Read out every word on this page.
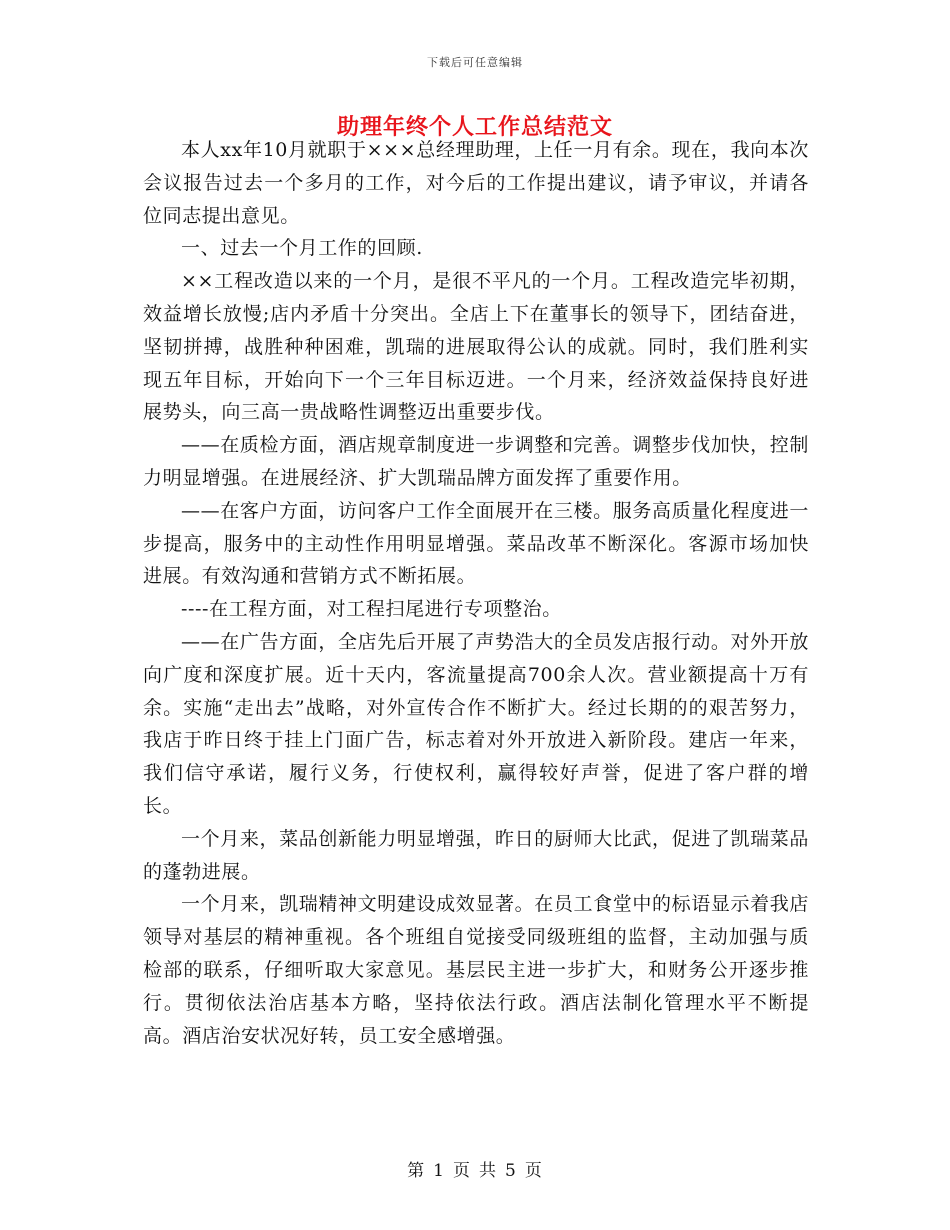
下载后可任意编辑
助理年终个人工作总结范文

本人xx年10月就职于×××总经理助理，上任一月有余。现在，我向本次会议报告过去一个多月的工作，对今后的工作提出建议，请予审议，并请各位同志提出意见。

一、过去一个月工作的回顾.

××工程改造以来的一个月，是很不平凡的一个月。工程改造完毕初期，效益增长放慢;店内矛盾十分突出。全店上下在董事长的领导下，团结奋进，坚韧拼搏，战胜种种困难，凯瑞的进展取得公认的成就。同时，我们胜利实现五年目标，开始向下一个三年目标迈进。一个月来，经济效益保持良好进展势头，向三高一贵战略性调整迈出重要步伐。

——在质检方面，酒店规章制度进一步调整和完善。调整步伐加快，控制力明显增强。在进展经济、扩大凯瑞品牌方面发挥了重要作用。

——在客户方面，访问客户工作全面展开在三楼。服务高质量化程度进一步提高，服务中的主动性作用明显增强。菜品改革不断深化。客源市场加快进展。有效沟通和营销方式不断拓展。

----在工程方面，对工程扫尾进行专项整治。

——在广告方面，全店先后开展了声势浩大的全员发店报行动。对外开放向广度和深度扩展。近十天内，客流量提高700余人次。营业额提高十万有余。实施“走出去”战略，对外宣传合作不断扩大。经过长期的的艰苦努力，我店于昨日终于挂上门面广告，标志着对外开放进入新阶段。建店一年来，我们信守承诺，履行义务，行使权利，赢得较好声誉，促进了客户群的增长。

一个月来，菜品创新能力明显增强，昨日的厨师大比武，促进了凯瑞菜品的蓬勃进展。

一个月来，凯瑞精神文明建设成效显著。在员工食堂中的标语显示着我店领导对基层的精神重视。各个班组自觉接受同级班组的监督，主动加强与质检部的联系，仔细听取大家意见。基层民主进一步扩大，和财务公开逐步推行。贯彻依法治店基本方略，坚持依法行政。酒店法制化管理水平不断提高。酒店治安状况好转，员工安全感增强。

第 1 页 共 5 页
